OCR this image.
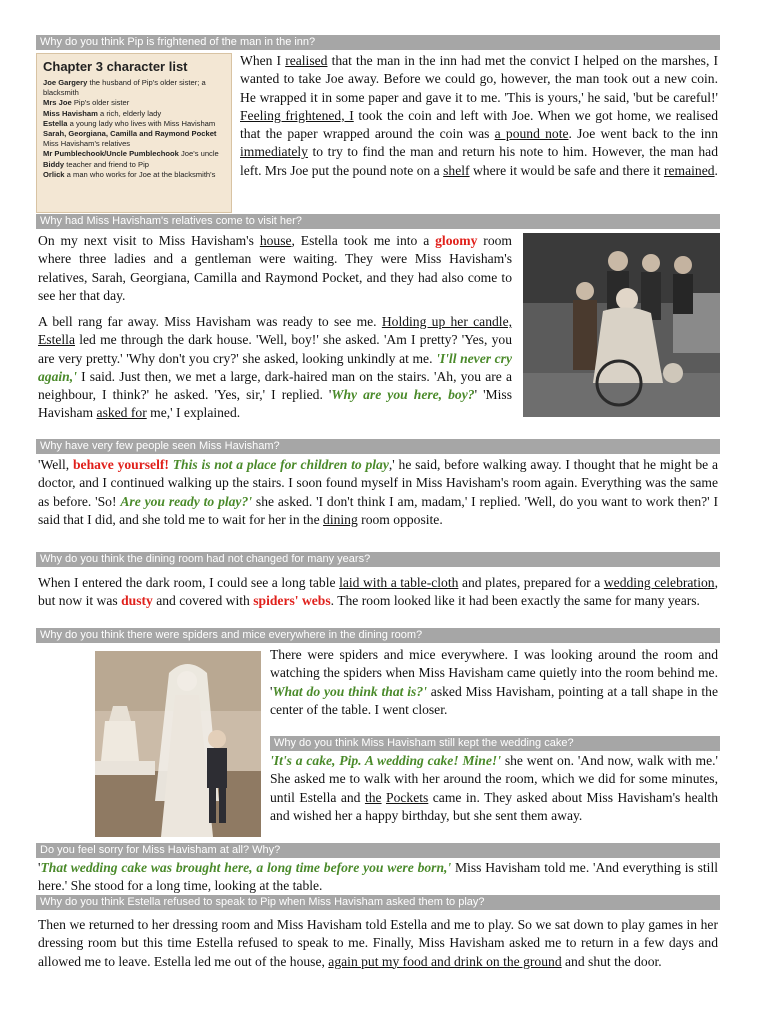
Why do you think Pip is frightened of the man in the inn?
Why had Miss Havisham's relatives come to visit her?
Why have very few people seen Miss Havisham?
Why do you think the dining room had not changed for many years?
Why do you think there were spiders and mice everywhere in the dining room?
Why do you think Miss Havisham still kept the wedding cake?
Do you feel sorry for Miss Havisham at all? Why?
Why do you think Estella refused to speak to Pip when Miss Havisham asked them to play?
Chapter 3 character list

Joe Gargery the husband of Pip's older sister; a blacksmith
Mrs Joe Pip's older sister
Miss Havisham a rich, elderly lady
Estella a young lady who lives with Miss Havisham
Sarah, Georgiana, Camilla and Raymond Pocket Miss Havisham's relatives
Mr Pumblechook/Uncle Pumblechook Joe's uncle
Biddy teacher and friend to Pip
Orlick a man who works for Joe at the blacksmith's

When I realised that the man in the inn had met the convict I helped on the marshes, I wanted to take Joe away. Before we could go, however, the man took out a new coin. He wrapped it in some paper and gave it to me. 'This is yours,' he said, 'but be careful!' Feeling frightened, I took the coin and left with Joe. When we got home, we realised that the paper wrapped around the coin was a pound note. Joe went back to the inn immediately to try to find the man and return his note to him. However, the man had left. Mrs Joe put the pound note on a shelf where it would be safe and there it remained.

On my next visit to Miss Havisham's house, Estella took me into a gloomy room where three ladies and a gentleman were waiting. They were Miss Havisham's relatives, Sarah, Georgiana, Camilla and Raymond Pocket, and they had also come to see her that day.

A bell rang far away. Miss Havisham was ready to see me. Holding up her candle, Estella led me through the dark house. 'Well, boy!' she asked. 'Am I pretty? 'Yes, you are very pretty.' 'Why don't you cry?' she asked, looking unkindly at me. 'I'll never cry again,' I said. Just then, we met a large, dark-haired man on the stairs. 'Ah, you are a neighbour, I think?' he asked. 'Yes, sir,' I replied. 'Why are you here, boy?' 'Miss Havisham asked for me,' I explained.

'Well, behave yourself! This is not a place for children to play,' he said, before walking away. I thought that he might be a doctor, and I continued walking up the stairs. I soon found myself in Miss Havisham's room again. Everything was the same as before. 'So! Are you ready to play?' she asked. 'I don't think I am, madam,' I replied. 'Well, do you want to work then?' I said that I did, and she told me to wait for her in the dining room opposite.

When I entered the dark room, I could see a long table laid with a table-cloth and plates, prepared for a wedding celebration, but now it was dusty and covered with spiders' webs. The room looked like it had been exactly the same for many years.

There were spiders and mice everywhere. I was looking around the room and watching the spiders when Miss Havisham came quietly into the room behind me. 'What do you think that is?' asked Miss Havisham, pointing at a tall shape in the center of the table. I went closer.

'It's a cake, Pip. A wedding cake! Mine!' she went on. 'And now, walk with me.' She asked me to walk with her around the room, which we did for some minutes, until Estella and the Pockets came in. They asked about Miss Havisham's health and wished her a happy birthday, but she sent them away.

'That wedding cake was brought here, a long time before you were born,' Miss Havisham told me. 'And everything is still here.' She stood for a long time, looking at the table.

Then we returned to her dressing room and Miss Havisham told Estella and me to play. So we sat down to play games in her dressing room but this time Estella refused to speak to me. Finally, Miss Havisham asked me to return in a few days and allowed me to leave. Estella led me out of the house, again put my food and drink on the ground and shut the door.
